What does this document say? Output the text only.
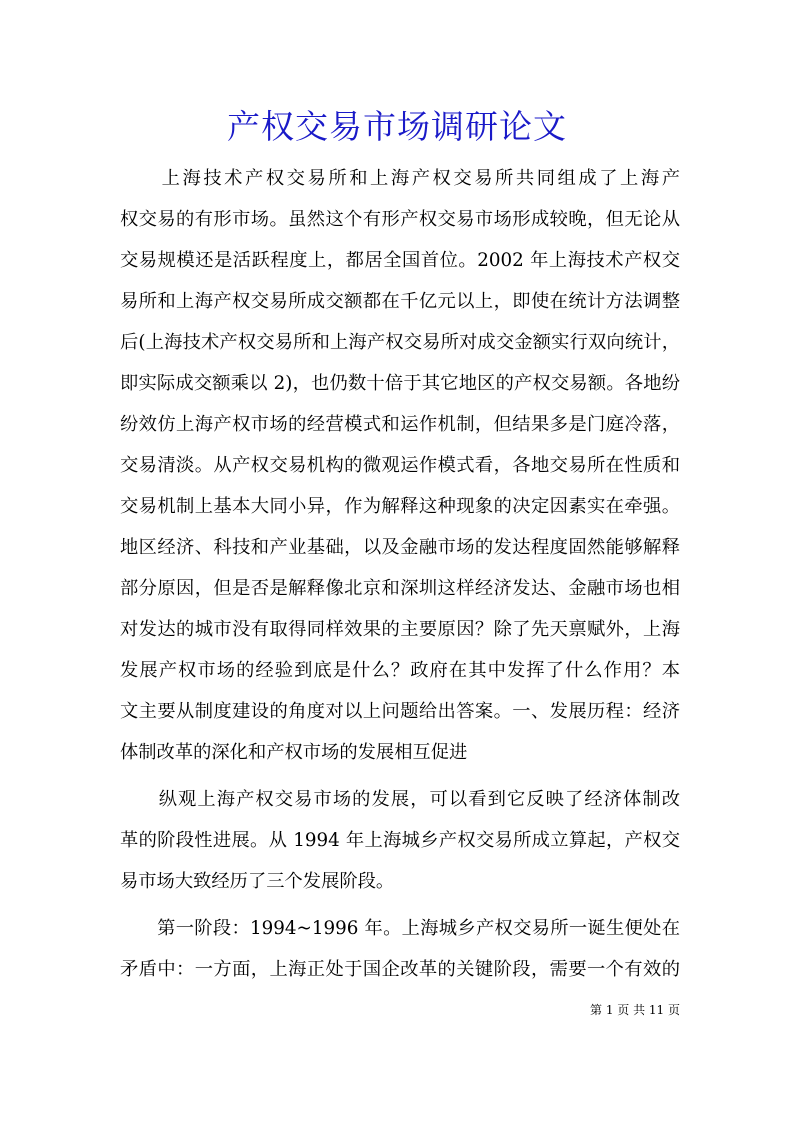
产权交易市场调研论文
　　上海技术产权交易所和上海产权交易所共同组成了上海产
权交易的有形市场。虽然这个有形产权交易市场形成较晚，但无论从
交易规模还是活跃程度上，都居全国首位。2002 年上海技术产权交
易所和上海产权交易所成交额都在千亿元以上，即使在统计方法调整
后(上海技术产权交易所和上海产权交易所对成交金额实行双向统计，
即实际成交额乘以 2)，也仍数十倍于其它地区的产权交易额。各地纷
纷效仿上海产权市场的经营模式和运作机制，但结果多是门庭冷落，
交易清淡。从产权交易机构的微观运作模式看，各地交易所在性质和
交易机制上基本大同小异，作为解释这种现象的决定因素实在牵强。
地区经济、科技和产业基础，以及金融市场的发达程度固然能够解释
部分原因，但是否是解释像北京和深圳这样经济发达、金融市场也相
对发达的城市没有取得同样效果的主要原因？除了先天禀赋外，上海
发展产权市场的经验到底是什么？政府在其中发挥了什么作用？本
文主要从制度建设的角度对以上问题给出答案。一、发展历程：经济
体制改革的深化和产权市场的发展相互促进
　　纵观上海产权交易市场的发展，可以看到它反映了经济体制改
革的阶段性进展。从 1994 年上海城乡产权交易所成立算起，产权交
易市场大致经历了三个发展阶段。
　　第一阶段：1994~1996 年。上海城乡产权交易所一诞生便处在
矛盾中：一方面，上海正处于国企改革的关键阶段，需要一个有效的
第 1 页 共 11 页
